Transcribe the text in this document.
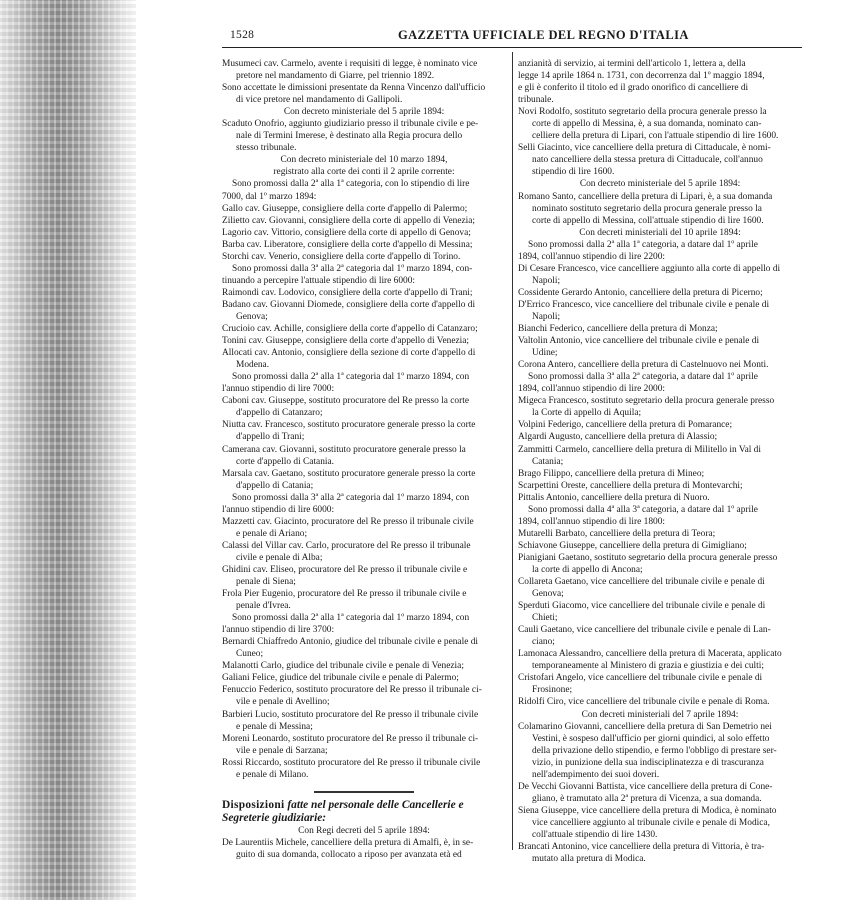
1528	GAZZETTA UFFICIALE DEL REGNO D'ITALIA

Musumeci cav. Carmelo, avente i requisiti di legge, è nominato vice
pretore nel mandamento di Giarre, pel triennio 1892.

Sono accettate le dimissioni presentate da Renna Vincenzo dall'ufficio
di vice pretore nel mandamento di Gallipoli.

Con decreto ministeriale del 5 aprile 1894:

Scaduto Onofrio, aggiunto giudiziario presso il tribunale civile e pe-
nale di Termini Imerese, è destinato alla Regia procura dello
stesso tribunale.

Con decreto ministeriale del 10 marzo 1894,
registrato alla corte dei conti il 2 aprile corrente:

Sono promossi dalla 2ª alla 1ª categoria, con lo stipendio di lire
7000, dal 1º marzo 1894:

Gallo cav. Giuseppe, consigliere della corte d'appello di Palermo;

Zilietto cav. Giovanni, consigliere della corte di appello di Venezia;

Lagorio cav. Vittorio, consigliere della corte di appello di Genova;

Barba cav. Liberatore, consigliere della corte d'appello di Messina;

Storchi cav. Venerio, consigliere della corte d'appello di Torino.

Sono promossi dalla 3ª alla 2ª categoria dal 1º marzo 1894, con-
tinuando a percepire l'attuale stipendio di lire 6000:

Raimondi cav. Lodovico, consigliere della corte d'appello di Trani;

Badano cav. Giovanni Diomede, consigliere della corte d'appello di
Genova;

Crucioio cav. Achille, consigliere della corte d'appello di Catanzaro;

Tonini cav. Giuseppe, consigliere della corte d'appello di Venezia;

Allocati cav. Antonio, consigliere della sezione di corte d'appello di
Modena.

Sono promossi dalla 2ª alla 1ª categoria dal 1º marzo 1894, con
l'annuo stipendio di lire 7000:

Caboni cav. Giuseppe, sostituto procuratore del Re presso la corte
d'appello di Catanzaro;

Niutta cav. Francesco, sostituto procuratore generale presso la corte
d'appello di Trani;

Camerana cav. Giovanni, sostituto procuratore generale presso la
corte d'appello di Catania.

Marsala cav. Gaetano, sostituto procuratore generale presso la corte
d'appello di Catania;

Sono promossi dalla 3ª alla 2ª categoria dal 1º marzo 1894, con
l'annuo stipendio di lire 6000:

Mazzetti cav. Giacinto, procuratore del Re presso il tribunale civile
e penale di Ariano;

Calassi del Villar cav. Carlo, procuratore del Re presso il tribunale
civile e penale di Alba;

Ghidini cav. Eliseo, procuratore del Re presso il tribunale civile e
penale di Siena;

Frola Pier Eugenio, procuratore del Re presso il tribunale civile e
penale d'Ivrea.

Sono promossi dalla 2ª alla 1ª categoria dal 1º marzo 1894, con
l'annuo stipendio di lire 3700:

Bernardi Chiaffredo Antonio, giudice del tribunale civile e penale di
Cuneo;

Malanotti Carlo, giudice del tribunale civile e penale di Venezia;

Galiani Felice, giudice del tribunale civile e penale di Palermo;

Fenuccio Federico, sostituto procuratore del Re presso il tribunale ci-
vile e penale di Avellino;

Barbieri Lucio, sostituto procuratore del Re presso il tribunale civile
e penale di Messina;

Moreni Leonardo, sostituto procuratore del Re presso il tribunale ci-
vile e penale di Sarzana;

Rossi Riccardo, sostituto procuratore del Re presso il tribunale civile
e penale di Milano.

Disposizioni fatte nel personale delle Cancellerie e
Segreterie giudiziarie:

Con Regi decreti del 5 aprile 1894:

De Laurentiis Michele, cancelliere della pretura di Amalfi, è, in se-
guito di sua domanda, collocato a riposo per avanzata età ed

anzianità di servizio, ai termini dell'articolo 1, lettera a, della
legge 14 aprile 1864 n. 1731, con decorrenza dal 1º maggio 1894,
e gli è conferito il titolo ed il grado onorifico di cancelliere di
tribunale.

Novi Rodolfo, sostituto segretario della procura generale presso la
corte di appello di Messina, è, a sua domanda, nominato can-
celliere della pretura di Lipari, con l'attuale stipendio di lire 1600.

Selli Giacinto, vice cancelliere della pretura di Cittaducale, è nomi-
nato cancelliere della stessa pretura di Cittaducale, coll'annuo
stipendio di lire 1600.

Con decreto ministeriale del 5 aprile 1894:

Romano Santo, cancelliere della pretura di Lipari, è, a sua domanda
nominato sostituto segretario della procura generale presso la
corte di appello di Messina, coll'attuale stipendio di lire 1600.

Con decreti ministeriali del 10 aprile 1894:

Sono promossi dalla 2ª alla 1ª categoria, a datare dal 1º aprile
1894, coll'annuo stipendio di lire 2200:

Di Cesare Francesco, vice cancelliere aggiunto alla corte di appello di
Napoli;

Cossidente Gerardo Antonio, cancelliere della pretura di Picerno;

D'Errico Francesco, vice cancelliere del tribunale civile e penale di
Napoli;

Bianchi Federico, cancelliere della pretura di Monza;

Valtolin Antonio, vice cancelliere del tribunale civile e penale di
Udine;

Corona Antero, cancelliere della pretura di Castelnuovo nei Monti.

Sono promossi dalla 3ª alla 2ª categoria, a datare dal 1º aprile
1894, coll'annuo stipendio di lire 2000:

Migeca Francesco, sostituto segretario della procura generale presso
la Corte di appello di Aquila;

Volpini Federigo, cancelliere della pretura di Pomarance;

Algardi Augusto, cancelliere della pretura di Alassio;

Zammitti Carmelo, cancelliere della pretura di Militello in Val di
Catania;

Brago Filippo, cancelliere della pretura di Mineo;

Scarpettini Oreste, cancelliere della pretura di Montevarchi;

Pittalis Antonio, cancelliere della pretura di Nuoro.

Sono promossi dalla 4ª alla 3ª categoria, a datare dal 1º aprile
1894, coll'annuo stipendio di lire 1800:

Mutarelli Barbato, cancelliere della pretura di Teora;

Schiavone Giuseppe, cancelliere della pretura di Gimigliano;

Pianigiani Gaetano, sostituto segretario della procura generale presso
la corte di appello di Ancona;

Collareta Gaetano, vice cancelliere del tribunale civile e penale di
Genova;

Sperduti Giacomo, vice cancelliere del tribunale civile e penale di
Chieti;

Cauli Gaetano, vice cancelliere del tribunale civile e penale di Lan-
ciano;

Lamonaca Alessandro, cancelliere della pretura di Macerata, applicato
temporaneamente al Ministero di grazia e giustizia e dei culti;

Cristofari Angelo, vice cancelliere del tribunale civile e penale di
Frosinone;

Ridolfi Ciro, vice cancelliere del tribunale civile e penale di Roma.

Con decreti ministeriali del 7 aprile 1894:

Colamarino Giovanni, cancelliere della pretura di San Demetrio nei
Vestini, è sospeso dall'ufficio per giorni quindici, al solo effetto
della privazione dello stipendio, e fermo l'obbligo di prestare ser-
vizio, in punizione della sua indisciplinatezza e di trascuranza
nell'adempimento dei suoi doveri.

De Vecchi Giovanni Battista, vice cancelliere della pretura di Cone-
gliano, è tramutato alla 2ª pretura di Vicenza, a sua domanda.

Siena Giuseppe, vice cancelliere della pretura di Modica, è nominato
vice cancelliere aggiunto al tribunale civile e penale di Modica,
coll'attuale stipendio di lire 1430.

Brancati Antonino, vice cancelliere della pretura di Vittoria, è tra-
mutato alla pretura di Modica.
